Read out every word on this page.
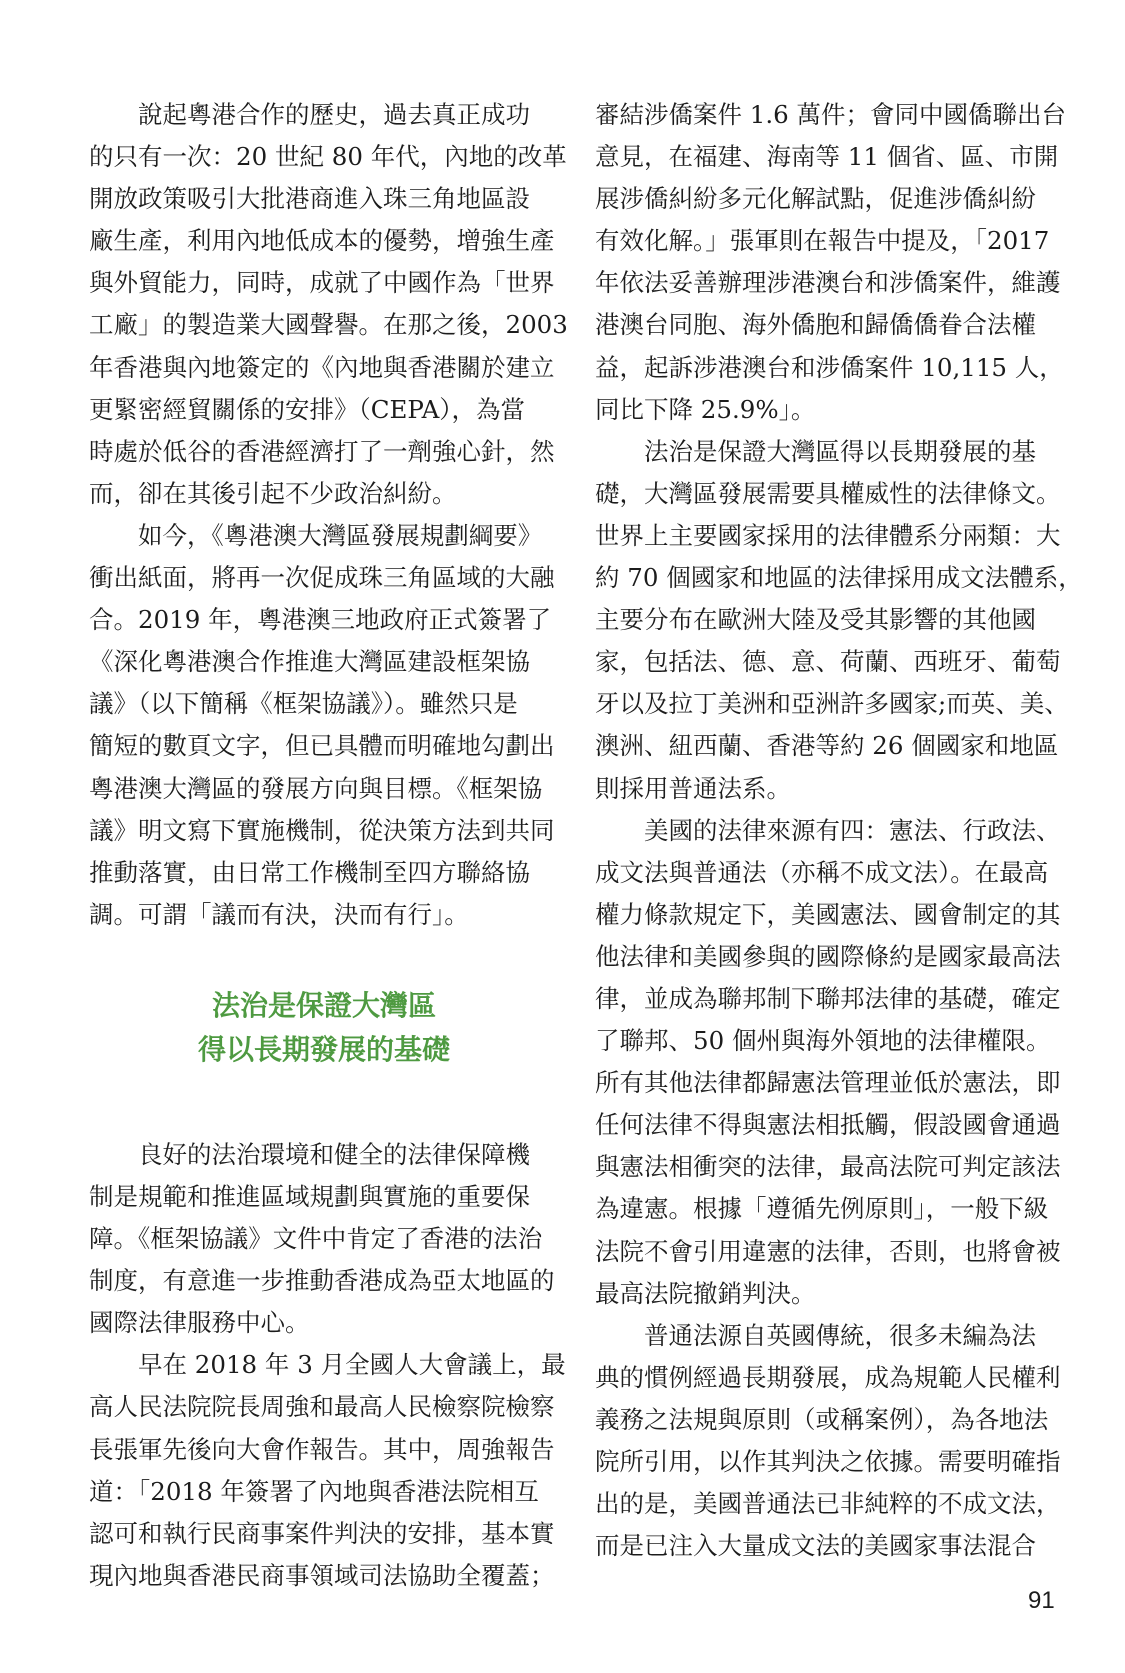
　　說起粵港合作的歷史，過去真正成功
的只有一次：20 世紀 80 年代，內地的改革
開放政策吸引大批港商進入珠三角地區設
廠生產，利用內地低成本的優勢，增強生產
與外貿能力，同時，成就了中國作為「世界
工廠」的製造業大國聲譽。在那之後，2003
年香港與內地簽定的《內地與香港關於建立
更緊密經貿關係的安排》（CEPA），為當
時處於低谷的香港經濟打了一劑強心針，然
而，卻在其後引起不少政治糾紛。
　　如今，《粵港澳大灣區發展規劃綱要》
衝出紙面，將再一次促成珠三角區域的大融
合。2019 年，粵港澳三地政府正式簽署了
《深化粵港澳合作推進大灣區建設框架協
議》（以下簡稱《框架協議》）。雖然只是
簡短的數頁文字，但已具體而明確地勾劃出
粵港澳大灣區的發展方向與目標。《框架協
議》明文寫下實施機制，從決策方法到共同
推動落實，由日常工作機制至四方聯絡協
調。可謂「議而有決，決而有行」。
法治是保證大灣區
得以長期發展的基礎
　　良好的法治環境和健全的法律保障機
制是規範和推進區域規劃與實施的重要保
障。《框架協議》文件中肯定了香港的法治
制度，有意進一步推動香港成為亞太地區的
國際法律服務中心。
　　早在 2018 年 3 月全國人大會議上，最
高人民法院院長周強和最高人民檢察院檢察
長張軍先後向大會作報告。其中，周強報告
道：「2018 年簽署了內地與香港法院相互
認可和執行民商事案件判決的安排，基本實
現內地與香港民商事領域司法協助全覆蓋；
審結涉僑案件 1.6 萬件；會同中國僑聯出台
意見，在福建、海南等 11 個省、區、市開
展涉僑糾紛多元化解試點，促進涉僑糾紛
有效化解。」張軍則在報告中提及，「2017
年依法妥善辦理涉港澳台和涉僑案件，維護
港澳台同胞、海外僑胞和歸僑僑眷合法權
益，起訴涉港澳台和涉僑案件 10,115 人，
同比下降 25.9%」。
　　法治是保證大灣區得以長期發展的基
礎，大灣區發展需要具權威性的法律條文。
世界上主要國家採用的法律體系分兩類：大
約 70 個國家和地區的法律採用成文法體系，
主要分布在歐洲大陸及受其影響的其他國
家，包括法、德、意、荷蘭、西班牙、葡萄
牙以及拉丁美洲和亞洲許多國家;而英、美、
澳洲、紐西蘭、香港等約 26 個國家和地區
則採用普通法系。
　　美國的法律來源有四：憲法、行政法、
成文法與普通法（亦稱不成文法）。在最高
權力條款規定下，美國憲法、國會制定的其
他法律和美國參與的國際條約是國家最高法
律，並成為聯邦制下聯邦法律的基礎，確定
了聯邦、50 個州與海外領地的法律權限。
所有其他法律都歸憲法管理並低於憲法，即
任何法律不得與憲法相抵觸，假設國會通過
與憲法相衝突的法律，最高法院可判定該法
為違憲。根據「遵循先例原則」，一般下級
法院不會引用違憲的法律，否則，也將會被
最高法院撤銷判決。
　　普通法源自英國傳統，很多未編為法
典的慣例經過長期發展，成為規範人民權利
義務之法規與原則（或稱案例），為各地法
院所引用，以作其判決之依據。需要明確指
出的是，美國普通法已非純粹的不成文法，
而是已注入大量成文法的美國家事法混合
91
